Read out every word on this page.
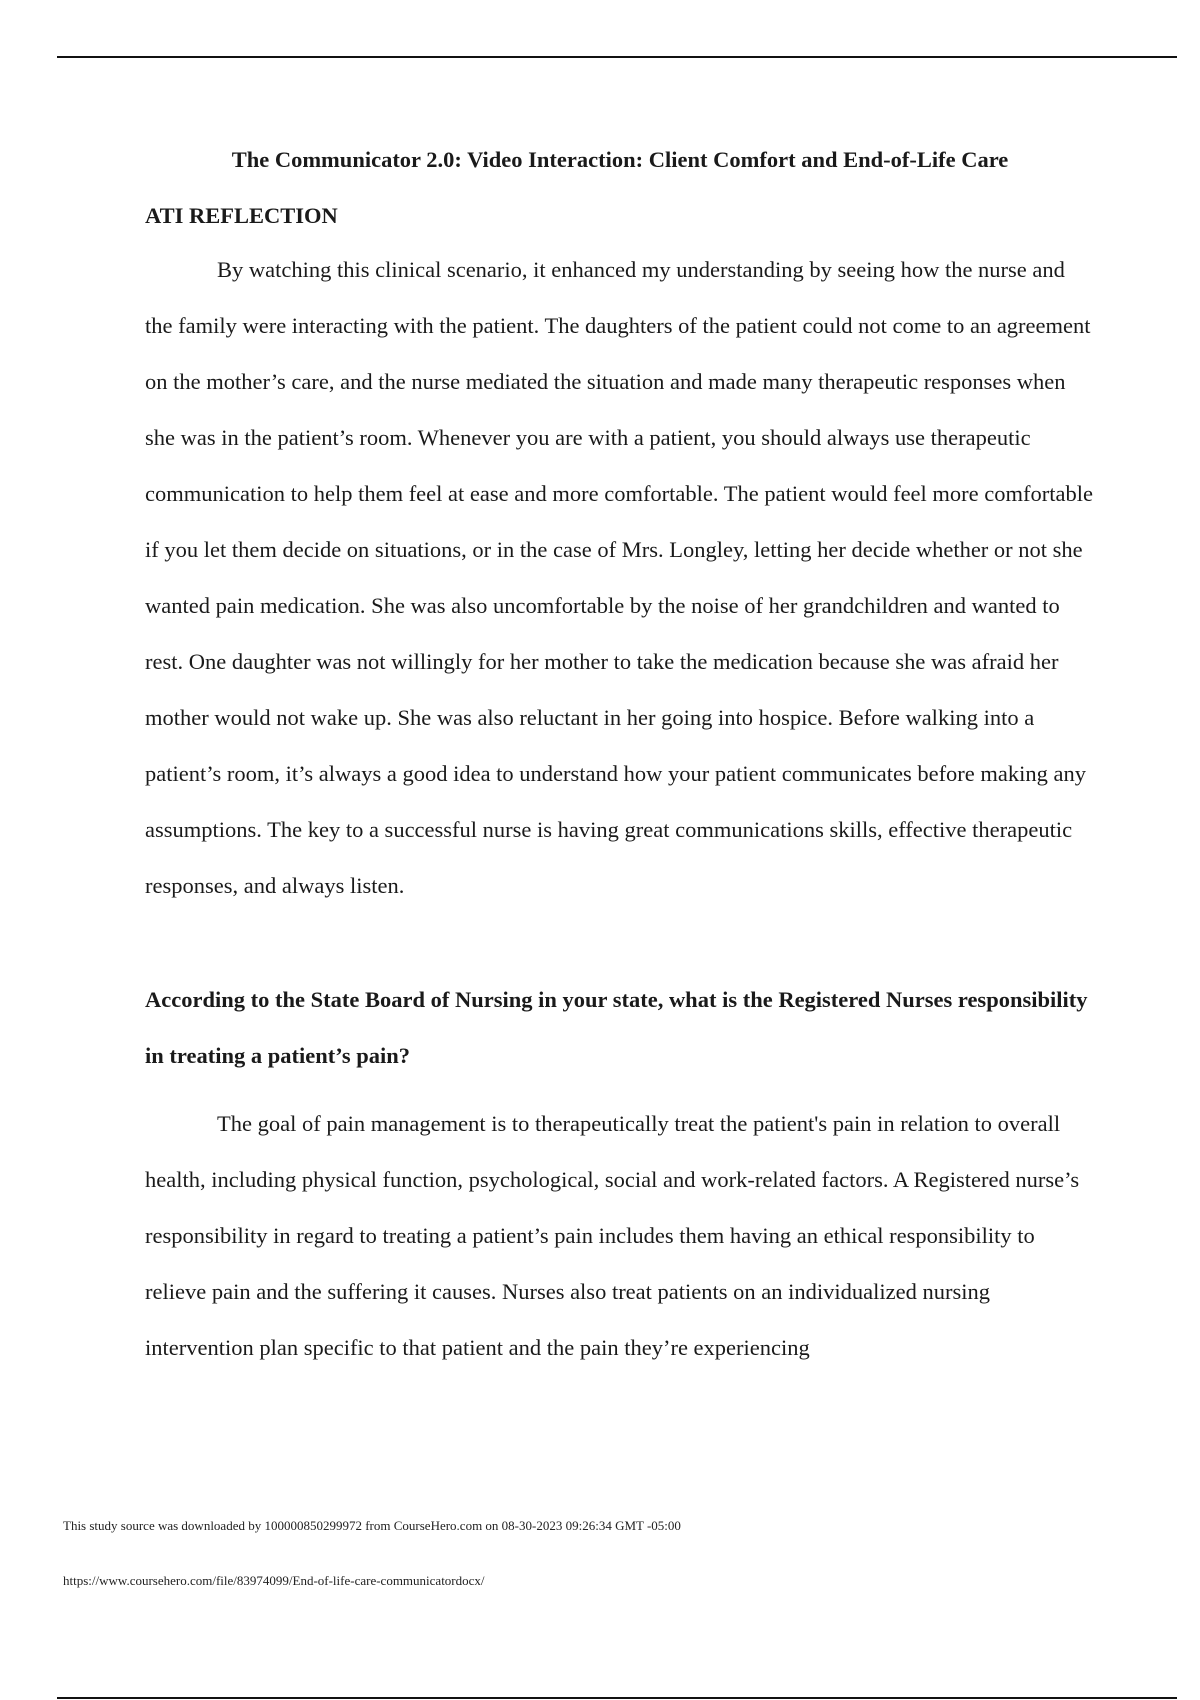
The Communicator 2.0: Video Interaction: Client Comfort and End-of-Life Care
ATI REFLECTION

By watching this clinical scenario, it enhanced my understanding by seeing how the nurse and the family were interacting with the patient. The daughters of the patient could not come to an agreement on the mother’s care, and the nurse mediated the situation and made many therapeutic responses when she was in the patient’s room. Whenever you are with a patient, you should always use therapeutic communication to help them feel at ease and more comfortable. The patient would feel more comfortable if you let them decide on situations, or in the case of Mrs. Longley, letting her decide whether or not she wanted pain medication. She was also uncomfortable by the noise of her grandchildren and wanted to rest. One daughter was not willingly for her mother to take the medication because she was afraid her mother would not wake up. She was also reluctant in her going into hospice. Before walking into a patient’s room, it’s always a good idea to understand how your patient communicates before making any assumptions. The key to a successful nurse is having great communications skills, effective therapeutic responses, and always listen.

According to the State Board of Nursing in your state, what is the Registered Nurses responsibility in treating a patient’s pain?

The goal of pain management is to therapeutically treat the patient's pain in relation to overall health, including physical function, psychological, social and work-related factors. A Registered nurse’s responsibility in regard to treating a patient’s pain includes them having an ethical responsibility to relieve pain and the suffering it causes. Nurses also treat patients on an individualized nursing intervention plan specific to that patient and the pain they’re experiencing

This study source was downloaded by 100000850299972 from CourseHero.com on 08-30-2023 09:26:34 GMT -05:00
https://www.coursehero.com/file/83974099/End-of-life-care-communicatordocx/
